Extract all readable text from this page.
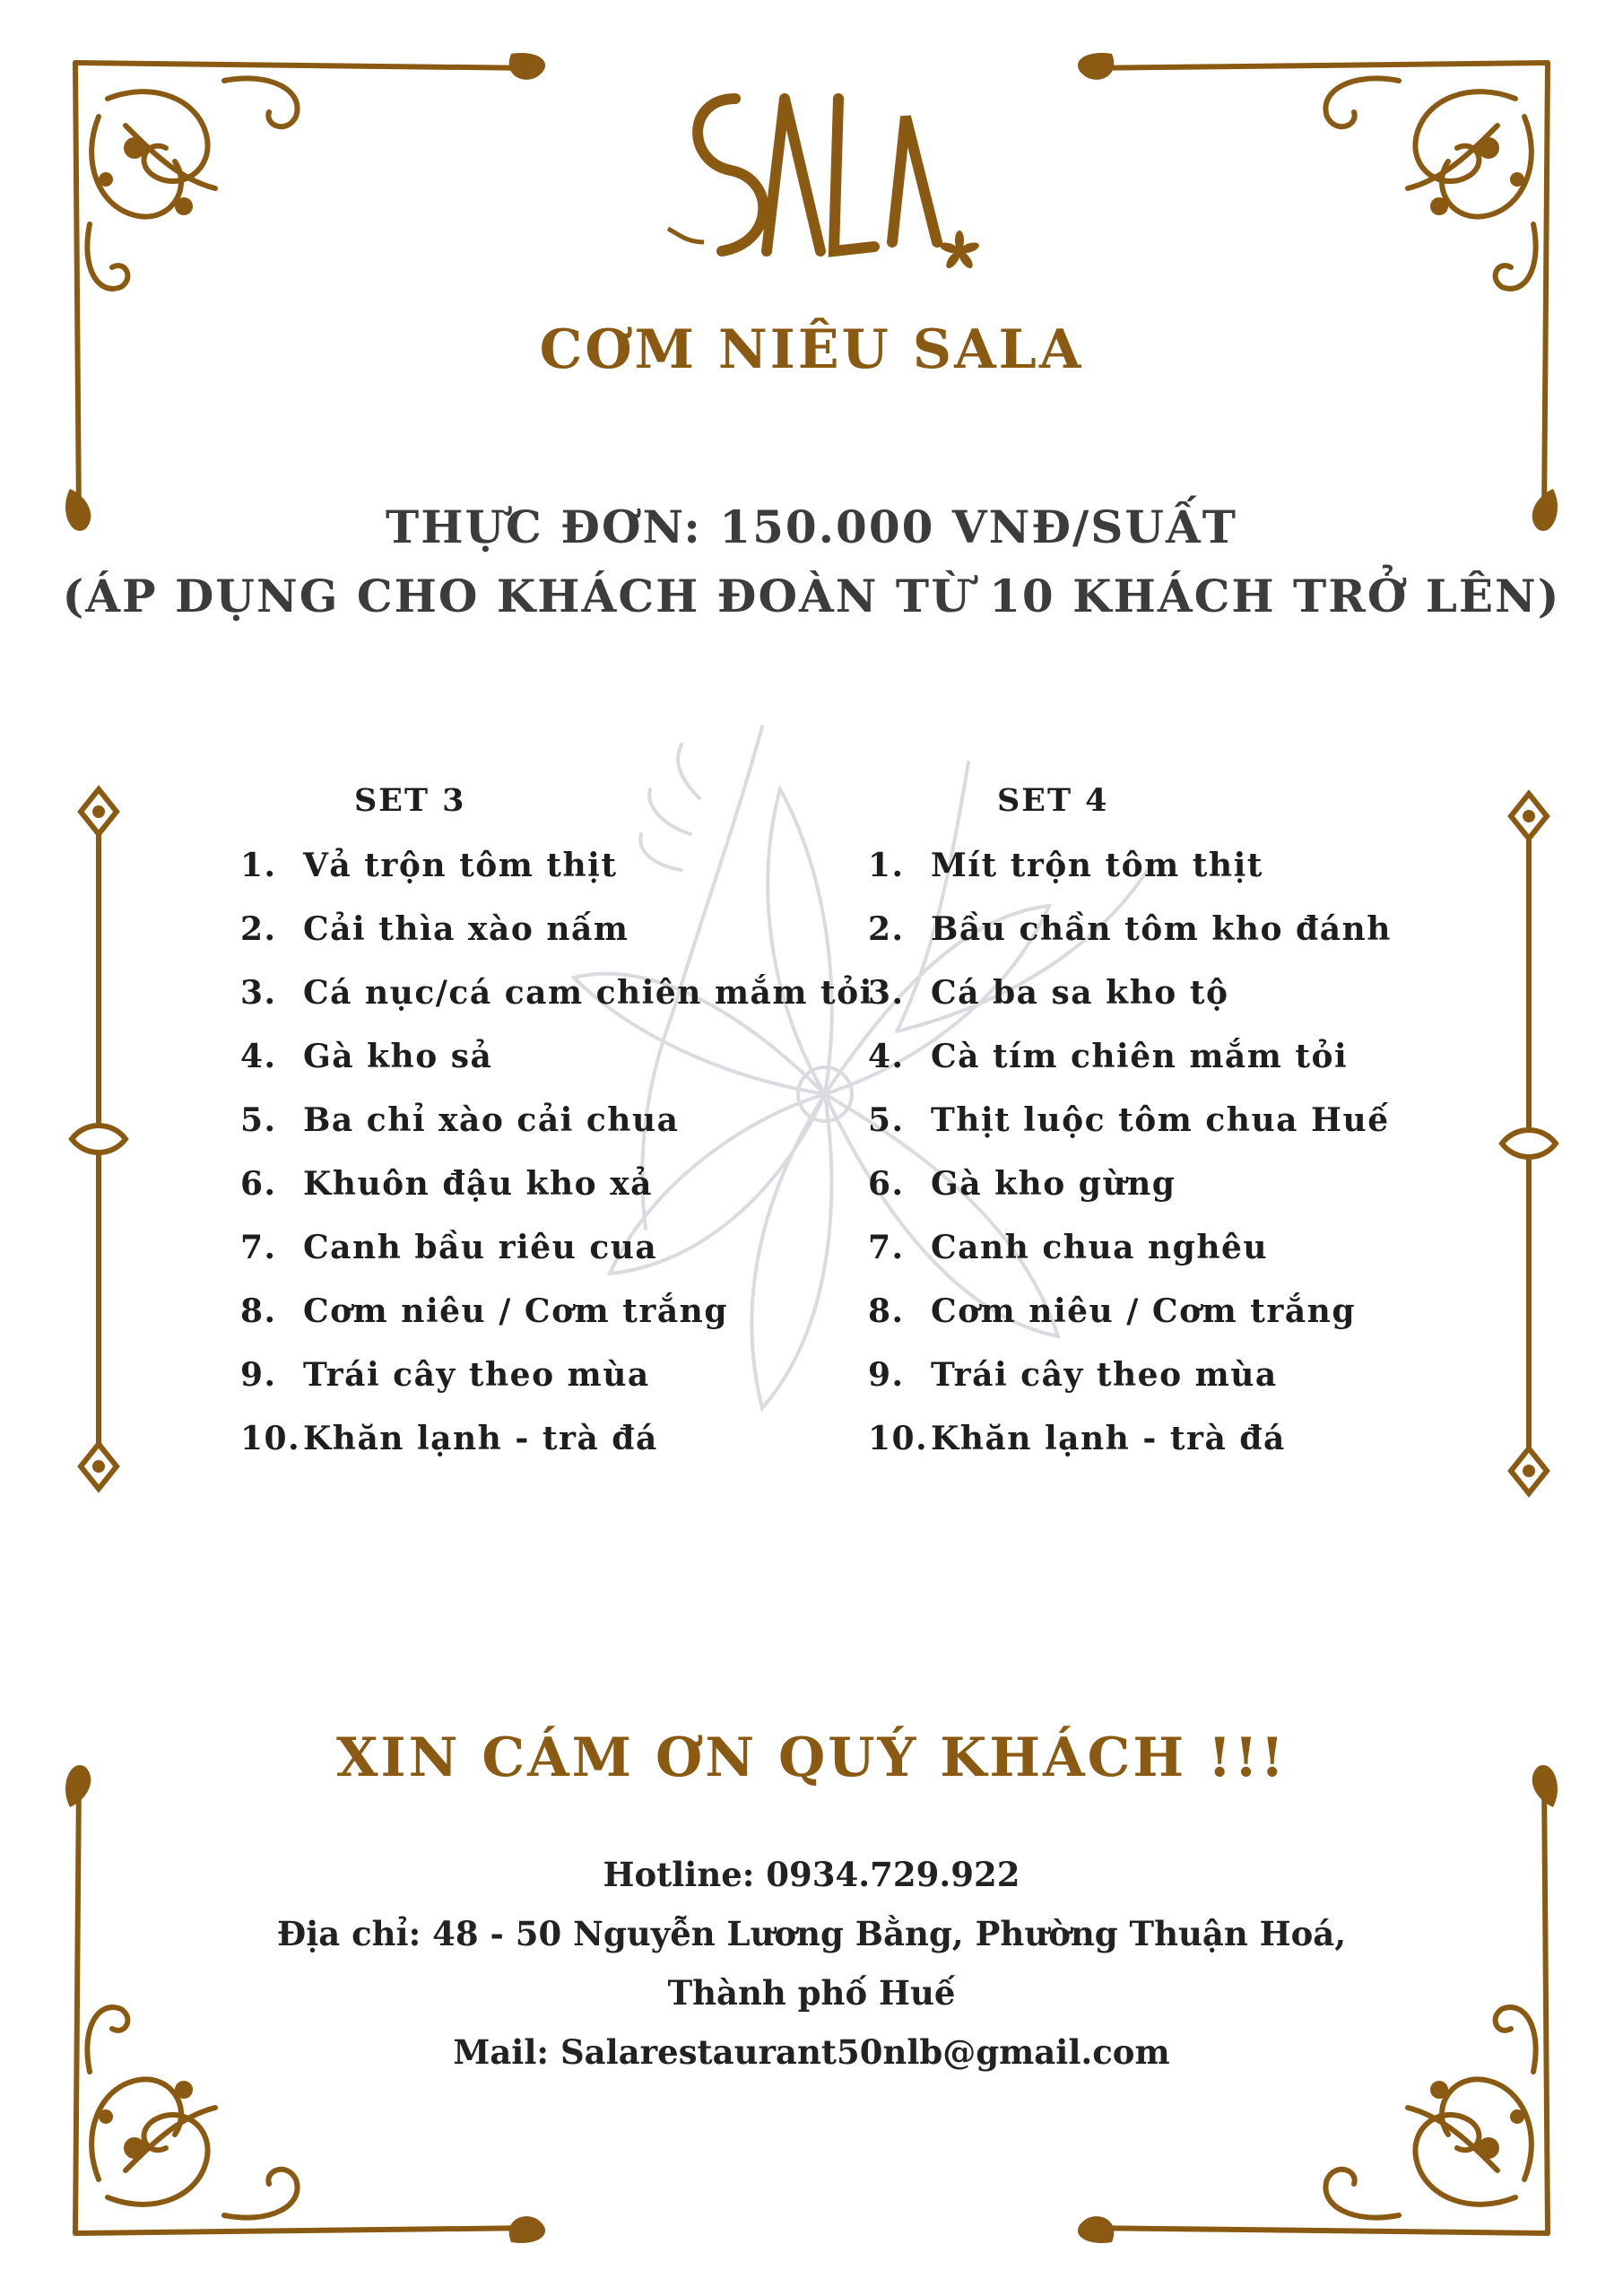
Sala
CƠM NIÊU SALA
THỰC ĐƠN: 150.000 VNĐ/SUẤT
(ÁP DỤNG CHO KHÁCH ĐOÀN TỪ 10 KHÁCH TRỞ LÊN)
SET 3
1. Vả trộn tôm thịt
2. Cải thìa xào nấm
3. Cá nục/cá cam chiên mắm tỏi
4. Gà kho sả
5. Ba chỉ xào cải chua
6. Khuôn đậu kho xả
7. Canh bầu riêu cua
8. Cơm niêu / Cơm trắng
9. Trái cây theo mùa
10.Khăn lạnh - trà đá
SET 4
1. Mít trộn tôm thịt
2. Bầu chần tôm kho đánh
3. Cá ba sa kho tộ
4. Cà tím chiên mắm tỏi
5. Thịt luộc tôm chua Huế
6. Gà kho gừng
7. Canh chua nghêu
8. Cơm niêu / Cơm trắng
9. Trái cây theo mùa
10.Khăn lạnh - trà đá
XIN CÁM ƠN QUÝ KHÁCH !!!
Hotline: 0934.729.922
Địa chỉ: 48 - 50 Nguyễn Lương Bằng, Phường Thuận Hoá,
Thành phố Huế
Mail: Salarestaurant50nlb@gmail.com
